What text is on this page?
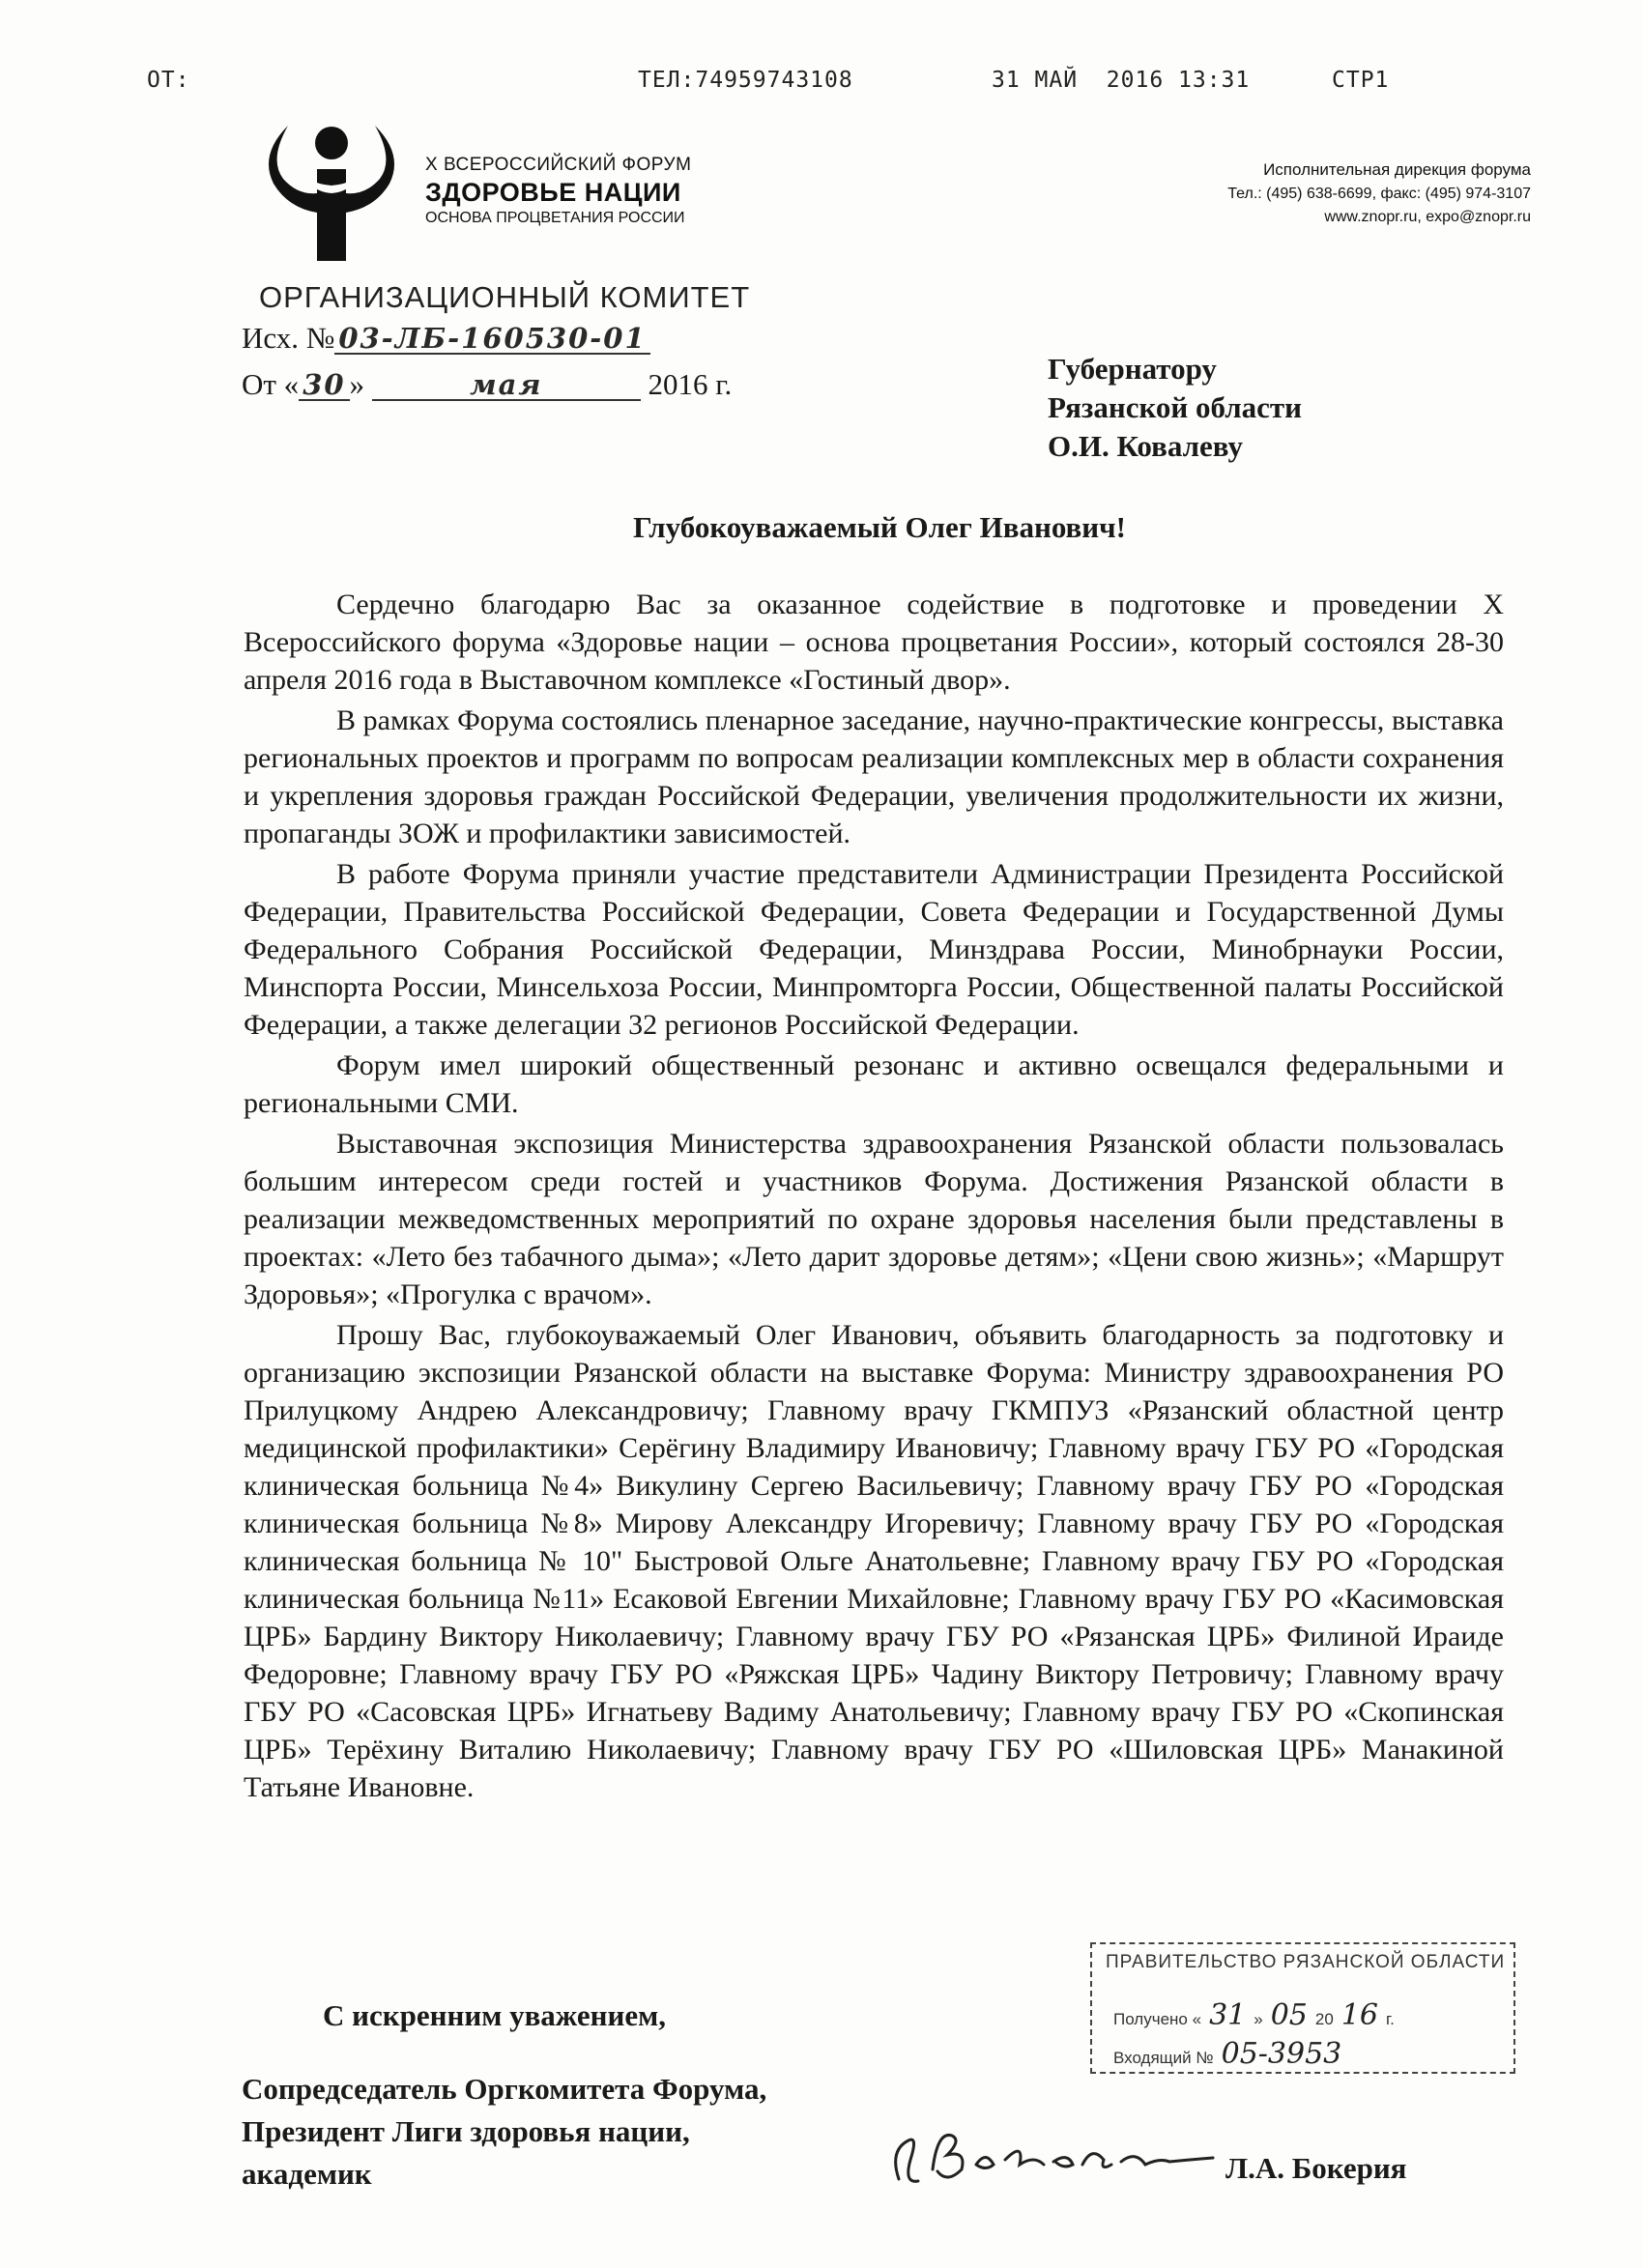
ОТ:	ТЕЛ:74959743108	31 МАЙ  2016 13:31	СТР1
X ВСЕРОССИЙСКИЙ ФОРУМ
ЗДОРОВЬЕ НАЦИИ
ОСНОВА ПРОЦВЕТАНИЯ РОССИИ
Исполнительная дирекция форума
Тел.: (495) 638-6699, факс: (495) 974-3107
www.znopr.ru, expo@znopr.ru
ОРГАНИЗАЦИОННЫЙ КОМИТЕТ
Исх. № 03-ЛБ-160530-01
От « 30 »	мая	2016 г.	Губернатору
Рязанской области
О.И. Ковалеву
Глубокоуважаемый Олег Иванович!

Сердечно благодарю Вас за оказанное содействие в подготовке и проведении X Всероссийского форума «Здоровье нации – основа процветания России», который состоялся 28-30 апреля 2016 года в Выставочном комплексе «Гостиный двор».

В рамках Форума состоялись пленарное заседание, научно-практические конгрессы, выставка региональных проектов и программ по вопросам реализации комплексных мер в области сохранения и укрепления здоровья граждан Российской Федерации, увеличения продолжительности их жизни, пропаганды ЗОЖ и профилактики зависимостей.

В работе Форума приняли участие представители Администрации Президента Российской Федерации, Правительства Российской Федерации, Совета Федерации и Государственной Думы Федерального Собрания Российской Федерации, Минздрава России, Минобрнауки России, Минспорта России, Минсельхоза России, Минпромторга России, Общественной палаты Российской Федерации, а также делегации 32 регионов Российской Федерации.

Форум имел широкий общественный резонанс и активно освещался федеральными и региональными СМИ.

Выставочная экспозиция Министерства здравоохранения Рязанской области пользовалась большим интересом среди гостей и участников Форума. Достижения Рязанской области в реализации межведомственных мероприятий по охране здоровья населения были представлены в проектах: «Лето без табачного дыма»; «Лето дарит здоровье детям»; «Цени свою жизнь»; «Маршрут Здоровья»; «Прогулка с врачом».

Прошу Вас, глубокоуважаемый Олег Иванович, объявить благодарность за подготовку и организацию экспозиции Рязанской области на выставке Форума: Министру здравоохранения РО Прилуцкому Андрею Александровичу; Главному врачу ГКМПУЗ «Рязанский областной центр медицинской профилактики» Серёгину Владимиру Ивановичу; Главному врачу ГБУ РО «Городская клиническая больница №4» Викулину Сергею Васильевичу; Главному врачу ГБУ РО «Городская клиническая больница №8» Мирову Александру Игоревичу; Главному врачу ГБУ РО «Городская клиническая больница № 10" Быстровой Ольге Анатольевне; Главному врачу ГБУ РО «Городская клиническая больница №11» Есаковой Евгении Михайловне; Главному врачу ГБУ РО «Касимовская ЦРБ» Бардину Виктору Николаевичу; Главному врачу ГБУ РО «Рязанская ЦРБ» Филиной Ираиде Федоровне; Главному врачу ГБУ РО «Ряжская ЦРБ» Чадину Виктору Петровичу; Главному врачу ГБУ РО «Сасовская ЦРБ» Игнатьеву Вадиму Анатольевичу; Главному врачу ГБУ РО «Скопинская ЦРБ» Терёхину Виталию Николаевичу; Главному врачу ГБУ РО «Шиловская ЦРБ» Манакиной Татьяне Ивановне.

ПРАВИТЕЛЬСТВО РЯЗАНСКОЙ ОБЛАСТИ
Получено « 31 » 05 20 16 г.
Входящий № 05-3953
С искренним уважением,
Сопредседатель Оргкомитета Форума,
Президент Лиги здоровья нации,
академик	Л.А. Бокерия
